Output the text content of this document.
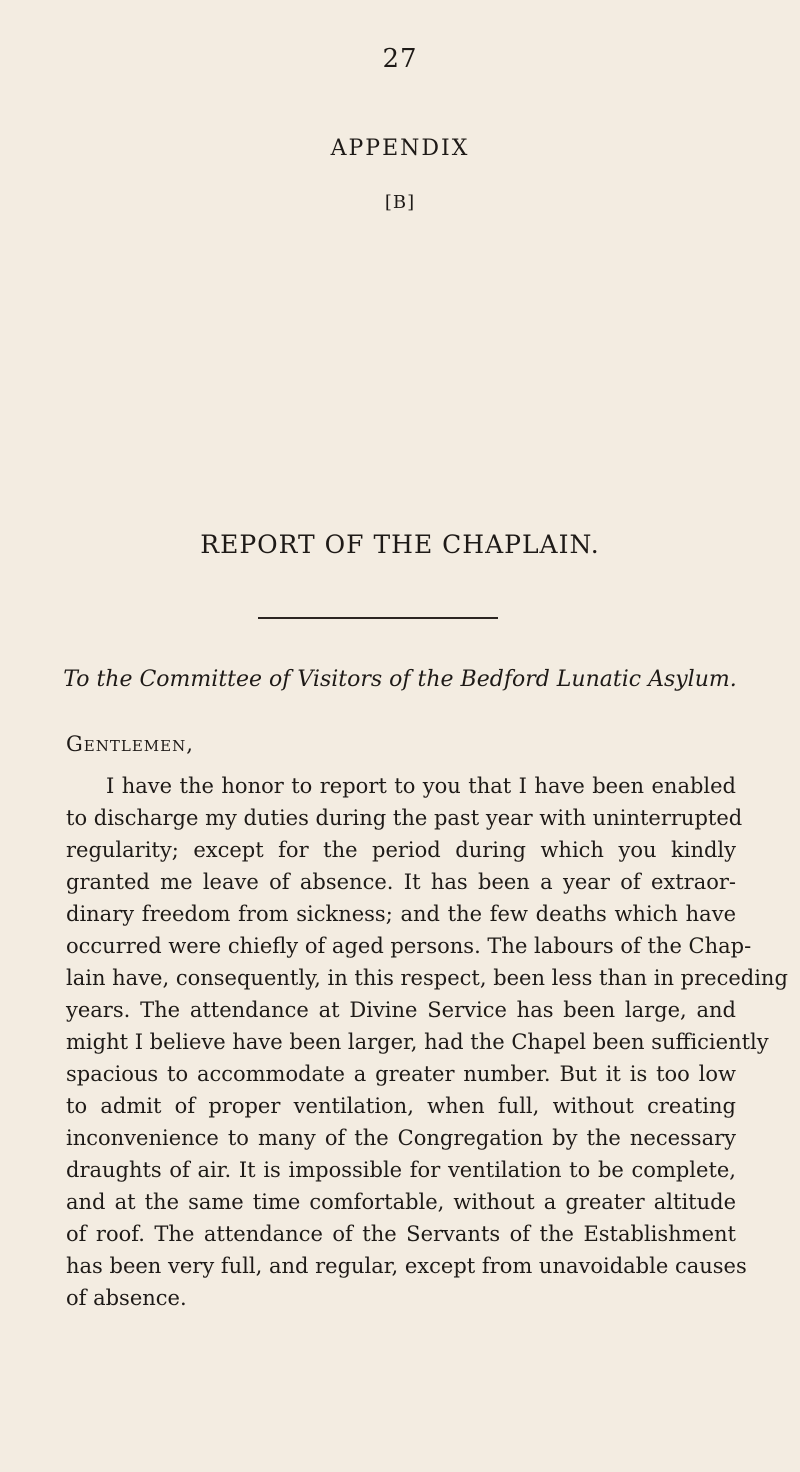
27
APPENDIX
[B]
REPORT OF THE CHAPLAIN.
To the Committee of Visitors of the Bedford Lunatic Asylum.
Gentlemen,
I have the honor to report to you that I have been enabled
to discharge my duties during the past year with uninterrupted
regularity; except for the period during which you kindly
granted me leave of absence. It has been a year of extraor-
dinary freedom from sickness; and the few deaths which have
occurred were chiefly of aged persons. The labours of the Chap-
lain have, consequently, in this respect, been less than in preceding
years. The attendance at Divine Service has been large, and
might I believe have been larger, had the Chapel been sufficiently
spacious to accommodate a greater number. But it is too low
to admit of proper ventilation, when full, without creating
inconvenience to many of the Congregation by the necessary
draughts of air. It is impossible for ventilation to be complete,
and at the same time comfortable, without a greater altitude
of roof. The attendance of the Servants of the Establishment
has been very full, and regular, except from unavoidable causes
of absence.
